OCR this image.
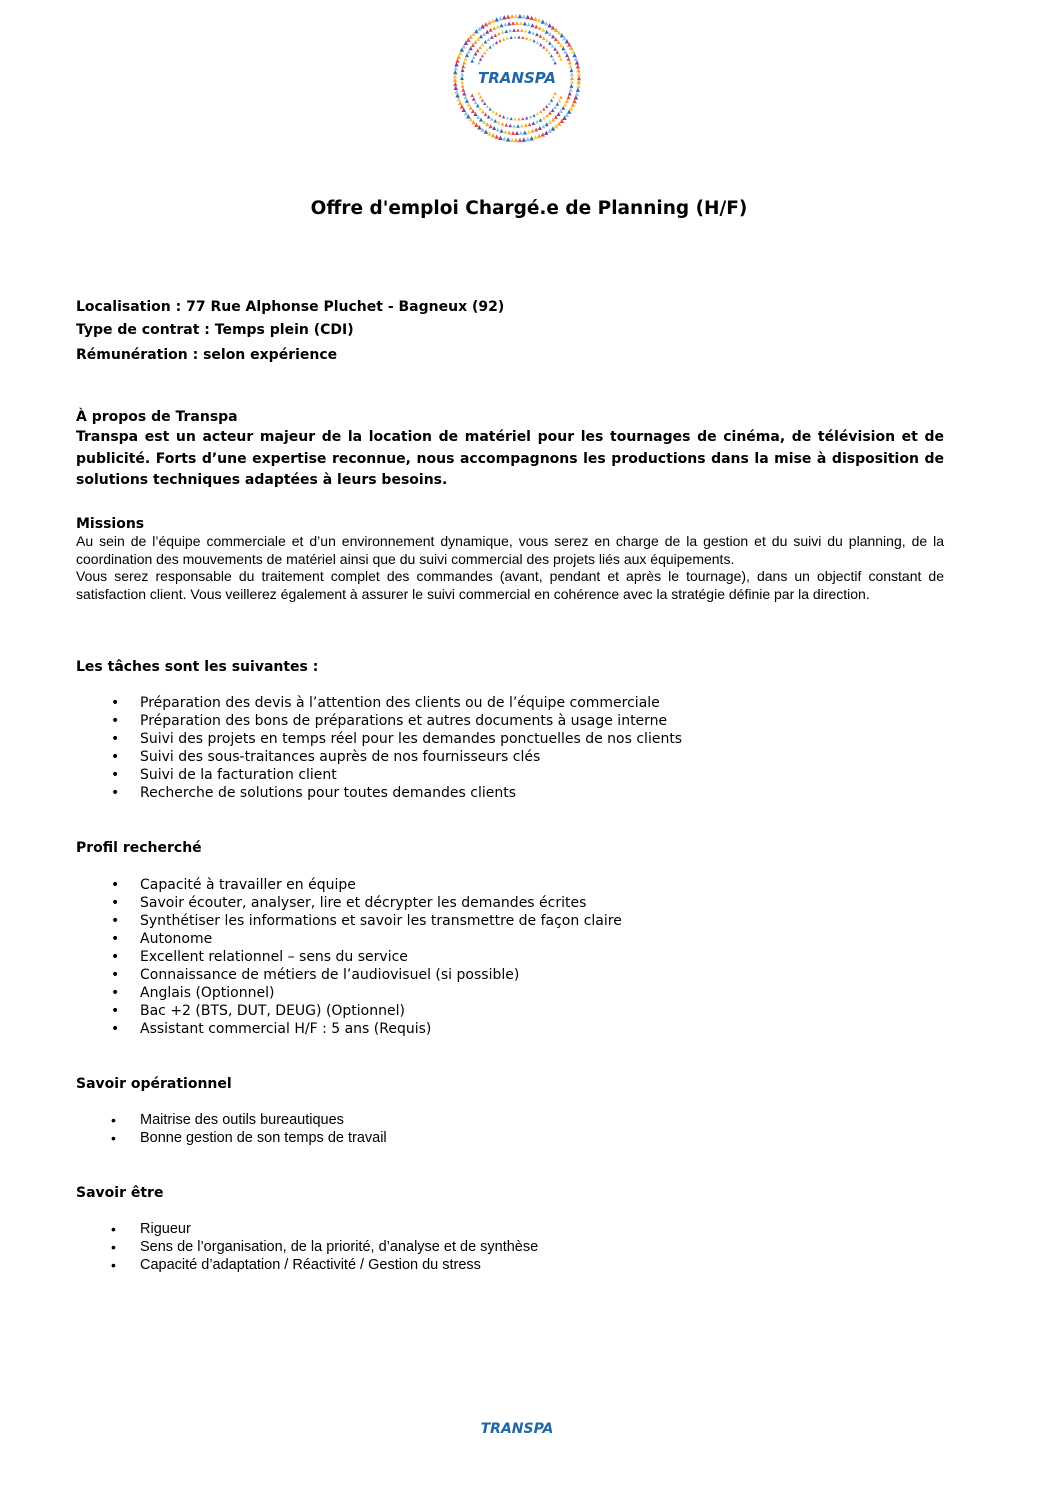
TRANSPA
Offre d'emploi Chargé.e de Planning (H/F)
Localisation : 77 Rue Alphonse Pluchet - Bagneux (92)
Type de contrat : Temps plein (CDI)
Rémunération : selon expérience

À propos de Transpa

Transpa est un acteur majeur de la location de matériel pour les tournages de cinéma, de télévision et de publicité. Forts d’une expertise reconnue, nous accompagnons les productions dans la mise à disposition de solutions techniques adaptées à leurs besoins.

Missions

Au sein de l’équipe commerciale et d’un environnement dynamique, vous serez en charge de la gestion et du suivi du planning, de la coordination des mouvements de matériel ainsi que du suivi commercial des projets liés aux équipements.

Vous serez responsable du traitement complet des commandes (avant, pendant et après le tournage), dans un objectif constant de satisfaction client. Vous veillerez également à assurer le suivi commercial en cohérence avec la stratégie définie par la direction.

Les tâches sont les suivantes :

• Préparation des devis à l’attention des clients ou de l’équipe commerciale
• Préparation des bons de préparations et autres documents à usage interne
• Suivi des projets en temps réel pour les demandes ponctuelles de nos clients
• Suivi des sous-traitances auprès de nos fournisseurs clés
• Suivi de la facturation client
• Recherche de solutions pour toutes demandes clients

Profil recherché

• Capacité à travailler en équipe
• Savoir écouter, analyser, lire et décrypter les demandes écrites
• Synthétiser les informations et savoir les transmettre de façon claire
• Autonome
• Excellent relationnel – sens du service
• Connaissance de métiers de l’audiovisuel (si possible)
• Anglais (Optionnel)
• Bac +2 (BTS, DUT, DEUG) (Optionnel)
• Assistant commercial H/F : 5 ans (Requis)

Savoir opérationnel

• Maitrise des outils bureautiques
• Bonne gestion de son temps de travail

Savoir être

• Rigueur
• Sens de l’organisation, de la priorité, d’analyse et de synthèse
• Capacité d’adaptation / Réactivité / Gestion du stress
TRANSPA
